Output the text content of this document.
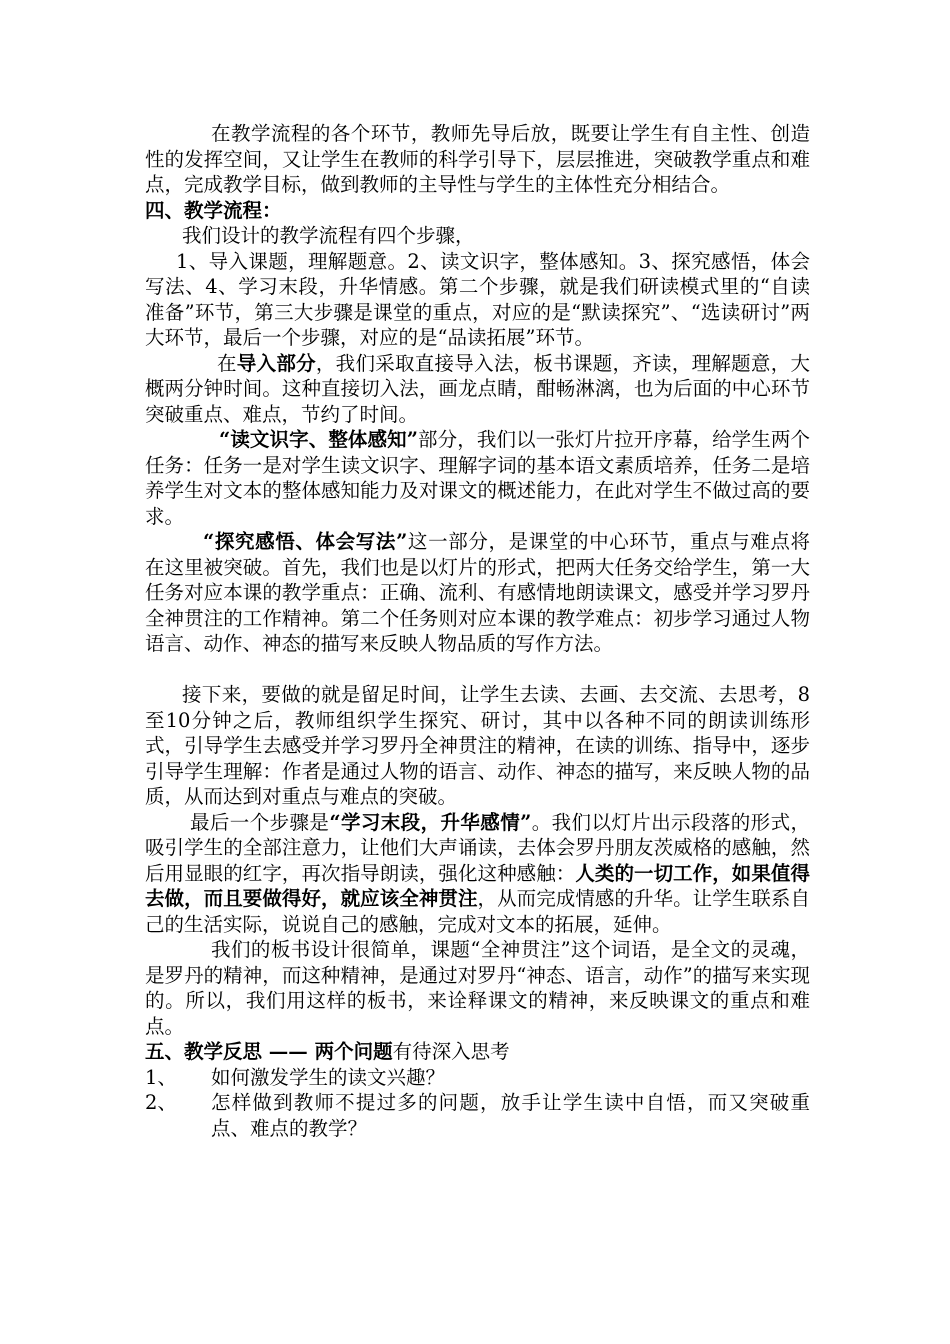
在教学流程的各个环节，教师先导后放，既要让学生有自主性、创造性的发挥空间，又让学生在教师的科学引导下，层层推进，突破教学重点和难点，完成教学目标，做到教师的主导性与学生的主体性充分相结合。

四、教学流程：

我们设计的教学流程有四个步骤，

1、导入课题，理解题意。2、读文识字，整体感知。3、探究感悟，体会写法、4、学习末段，升华情感。第二个步骤，就是我们研读模式里的“自读准备”环节，第三大步骤是课堂的重点，对应的是“默读探究”、“选读研讨”两大环节，最后一个步骤，对应的是“品读拓展”环节。

在导入部分，我们采取直接导入法，板书课题，齐读，理解题意，大概两分钟时间。这种直接切入法，画龙点睛，酣畅淋漓，也为后面的中心环节突破重点、难点，节约了时间。

“读文识字、整体感知”部分，我们以一张灯片拉开序幕，给学生两个任务：任务一是对学生读文识字、理解字词的基本语文素质培养，任务二是培养学生对文本的整体感知能力及对课文的概述能力，在此对学生不做过高的要求。

“探究感悟、体会写法”这一部分，是课堂的中心环节，重点与难点将在这里被突破。首先，我们也是以灯片的形式，把两大任务交给学生，第一大任务对应本课的教学重点：正确、流利、有感情地朗读课文，感受并学习罗丹全神贯注的工作精神。第二个任务则对应本课的教学难点：初步学习通过人物语言、动作、神态的描写来反映人物品质的写作方法。

接下来，要做的就是留足时间，让学生去读、去画、去交流、去思考，8至10分钟之后，教师组织学生探究、研讨，其中以各种不同的朗读训练形式，引导学生去感受并学习罗丹全神贯注的精神，在读的训练、指导中，逐步引导学生理解：作者是通过人物的语言、动作、神态的描写，来反映人物的品质，从而达到对重点与难点的突破。

最后一个步骤是“学习末段，升华感情”。我们以灯片出示段落的形式，吸引学生的全部注意力，让他们大声诵读，去体会罗丹朋友茨威格的感触，然后用显眼的红字，再次指导朗读，强化这种感触：人类的一切工作，如果值得去做，而且要做得好，就应该全神贯注，从而完成情感的升华。让学生联系自己的生活实际，说说自己的感触，完成对文本的拓展，延伸。

我们的板书设计很简单，课题“全神贯注”这个词语，是全文的灵魂，是罗丹的精神，而这种精神，是通过对罗丹“神态、语言，动作”的描写来实现的。所以，我们用这样的板书，来诠释课文的精神，来反映课文的重点和难点。

五、教学反思 —— 两个问题有待深入思考

1、	如何激发学生的读文兴趣？
2、	怎样做到教师不提过多的问题，放手让学生读中自悟，而又突破重点、难点的教学？
